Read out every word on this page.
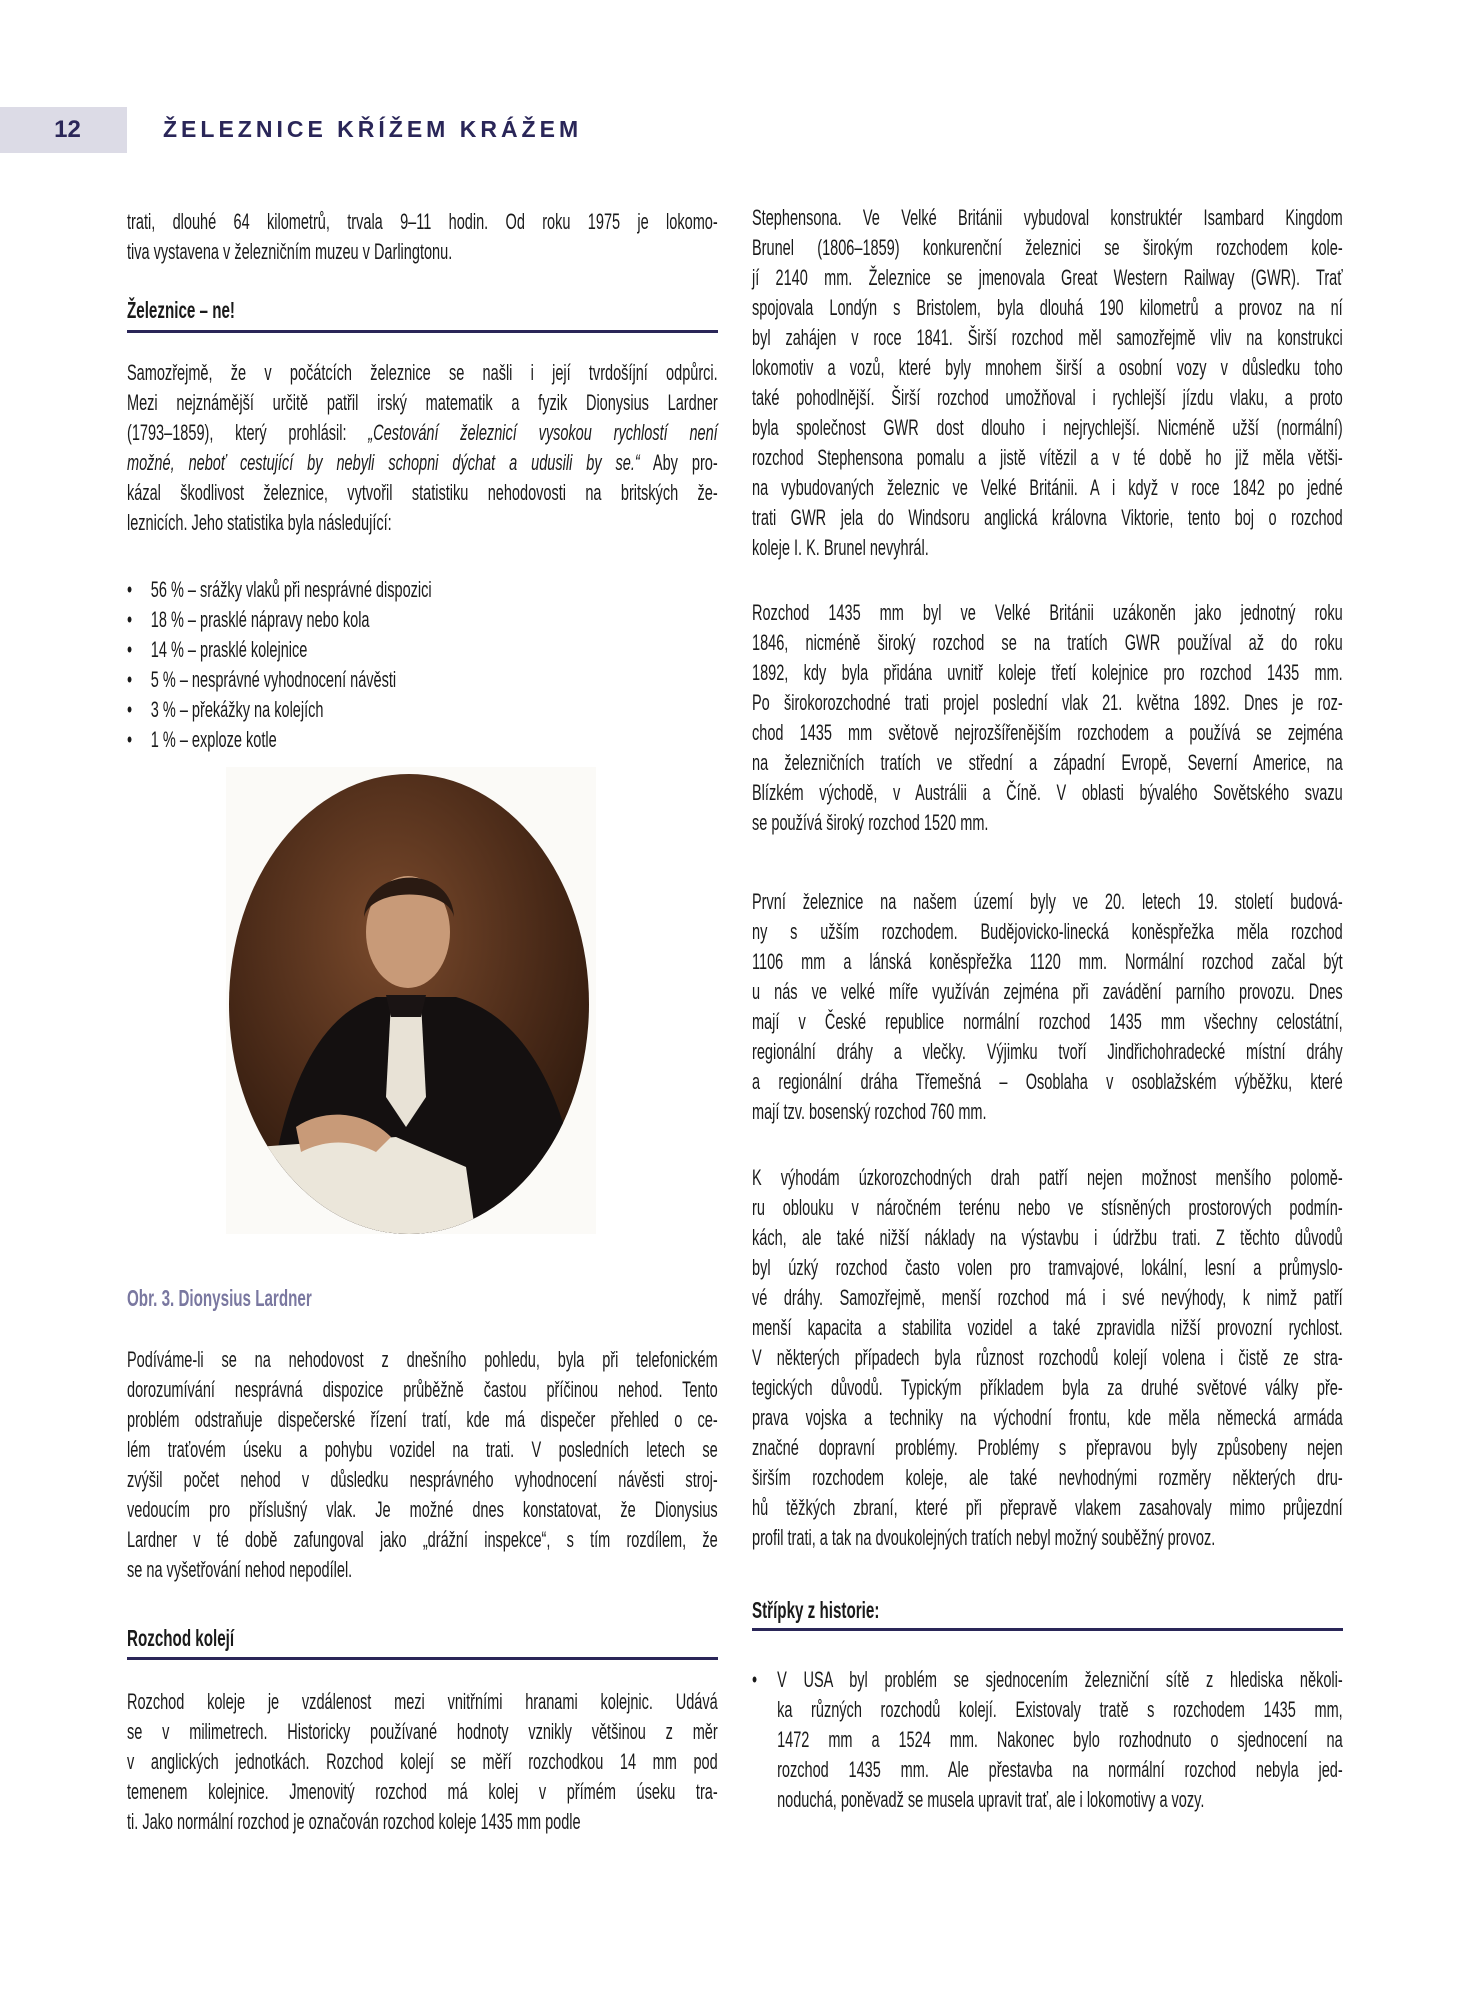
12	ŽELEZNICE KŘÍŽEM KRÁŽEM
trati, dlouhé 64 kilometrů, trvala 9–11 hodin. Od roku 1975 je lokomo-
tiva vystavena v železničním muzeu v Darlingtonu.
Železnice – ne!
Samozřejmě, že v počátcích železnice se našli i její tvrdošíjní odpůrci.
Mezi nejznámější určitě patřil irský matematik a fyzik Dionysius Lardner
(1793–1859), který prohlásil: „Cestování železnicí vysokou rychlostí není
možné, neboť cestující by nebyli schopni dýchat a udusili by se.“ Aby pro-
kázal škodlivost železnice, vytvořil statistiku nehodovosti na britských že-
leznicích. Jeho statistika byla následující:
• 56 % – srážky vlaků při nesprávné dispozici
• 18 % – prasklé nápravy nebo kola
• 14 % – prasklé kolejnice
• 5 % – nesprávné vyhodnocení návěsti
• 3 % – překážky na kolejích
• 1 % – exploze kotle
Obr. 3. Dionysius Lardner
Podíváme-li se na nehodovost z dnešního pohledu, byla při telefonickém
dorozumívání nesprávná dispozice průběžně častou příčinou nehod. Tento
problém odstraňuje dispečerské řízení tratí, kde má dispečer přehled o ce-
lém traťovém úseku a pohybu vozidel na trati. V posledních letech se
zvýšil počet nehod v důsledku nesprávného vyhodnocení návěsti stroj-
vedoucím pro příslušný vlak. Je možné dnes konstatovat, že Dionysius
Lardner v té době zafungoval jako „drážní inspekce“, s tím rozdílem, že
se na vyšetřování nehod nepodílel.
Rozchod kolejí
Rozchod koleje je vzdálenost mezi vnitřními hranami kolejnic. Udává
se v milimetrech. Historicky používané hodnoty vznikly většinou z měr
v anglických jednotkách. Rozchod kolejí se měří rozchodkou 14 mm pod
temenem kolejnice. Jmenovitý rozchod má kolej v přímém úseku tra-
ti. Jako normální rozchod je označován rozchod koleje 1435 mm podle
Stephensona. Ve Velké Británii vybudoval konstruktér Isambard Kingdom
Brunel (1806–1859) konkurenční železnici se širokým rozchodem kole-
jí 2140 mm. Železnice se jmenovala Great Western Railway (GWR). Trať
spojovala Londýn s Bristolem, byla dlouhá 190 kilometrů a provoz na ní
byl zahájen v roce 1841. Širší rozchod měl samozřejmě vliv na konstrukci
lokomotiv a vozů, které byly mnohem širší a osobní vozy v důsledku toho
také pohodlnější. Širší rozchod umožňoval i rychlejší jízdu vlaku, a proto
byla společnost GWR dost dlouho i nejrychlejší. Nicméně užší (normální)
rozchod Stephensona pomalu a jistě vítězil a v té době ho již měla větši-
na vybudovaných železnic ve Velké Británii. A i když v roce 1842 po jedné
trati GWR jela do Windsoru anglická královna Viktorie, tento boj o rozchod
koleje I. K. Brunel nevyhrál.
Rozchod 1435 mm byl ve Velké Británii uzákoněn jako jednotný roku
1846, nicméně široký rozchod se na tratích GWR používal až do roku
1892, kdy byla přidána uvnitř koleje třetí kolejnice pro rozchod 1435 mm.
Po širokorozchodné trati projel poslední vlak 21. května 1892. Dnes je roz-
chod 1435 mm světově nejrozšířenějším rozchodem a používá se zejména
na železničních tratích ve střední a západní Evropě, Severní Americe, na
Blízkém východě, v Austrálii a Číně. V oblasti bývalého Sovětského svazu
se používá široký rozchod 1520 mm.
První železnice na našem území byly ve 20. letech 19. století budová-
ny s užším rozchodem. Budějovicko-linecká koněspřežka měla rozchod
1106 mm a lánská koněspřežka 1120 mm. Normální rozchod začal být
u nás ve velké míře využíván zejména při zavádění parního provozu. Dnes
mají v České republice normální rozchod 1435 mm všechny celostátní,
regionální dráhy a vlečky. Výjimku tvoří Jindřichohradecké místní dráhy
a regionální dráha Třemešná – Osoblaha v osoblažském výběžku, které
mají tzv. bosenský rozchod 760 mm.
K výhodám úzkorozchodných drah patří nejen možnost menšího polomě-
ru oblouku v náročném terénu nebo ve stísněných prostorových podmín-
kách, ale také nižší náklady na výstavbu i údržbu trati. Z těchto důvodů
byl úzký rozchod často volen pro tramvajové, lokální, lesní a průmyslo-
vé dráhy. Samozřejmě, menší rozchod má i své nevýhody, k nimž patří
menší kapacita a stabilita vozidel a také zpravidla nižší provozní rychlost.
V některých případech byla různost rozchodů kolejí volena i čistě ze stra-
tegických důvodů. Typickým příkladem byla za druhé světové války pře-
prava vojska a techniky na východní frontu, kde měla německá armáda
značné dopravní problémy. Problémy s přepravou byly způsobeny nejen
širším rozchodem koleje, ale také nevhodnými rozměry některých dru-
hů těžkých zbraní, které při přepravě vlakem zasahovaly mimo průjezdní
profil trati, a tak na dvoukolejných tratích nebyl možný souběžný provoz.
Střípky z historie:
• V USA byl problém se sjednocením železniční sítě z hlediska několi-
ka různých rozchodů kolejí. Existovaly tratě s rozchodem 1435 mm,
1472 mm a 1524 mm. Nakonec bylo rozhodnuto o sjednocení na
rozchod 1435 mm. Ale přestavba na normální rozchod nebyla jed-
noduchá, poněvadž se musela upravit trať, ale i lokomotivy a vozy.
